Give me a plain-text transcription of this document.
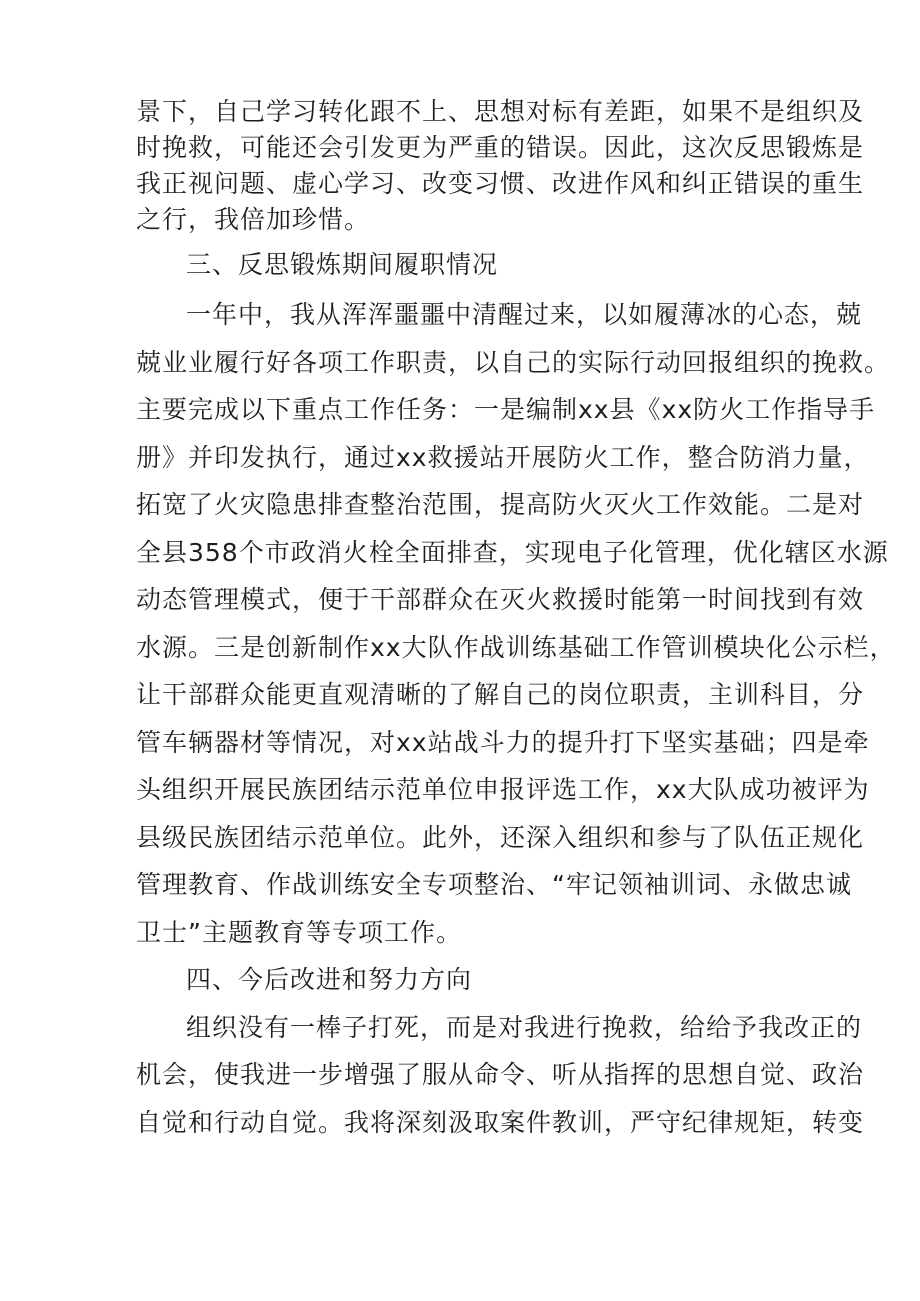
景下，自己学习转化跟不上、思想对标有差距，如果不是组织及
时挽救，可能还会引发更为严重的错误。因此，这次反思锻炼是
我正视问题、虚心学习、改变习惯、改进作风和纠正错误的重生
之行，我倍加珍惜。
三、反思锻炼期间履职情况
一年中，我从浑浑噩噩中清醒过来，以如履薄冰的心态，兢
兢业业履行好各项工作职责，以自己的实际行动回报组织的挽救。
主要完成以下重点工作任务：一是编制xx县《xx防火工作指导手
册》并印发执行，通过xx救援站开展防火工作，整合防消力量，
拓宽了火灾隐患排查整治范围，提高防火灭火工作效能。二是对
全县358个市政消火栓全面排查，实现电子化管理，优化辖区水源
动态管理模式，便于干部群众在灭火救援时能第一时间找到有效
水源。三是创新制作xx大队作战训练基础工作管训模块化公示栏，
让干部群众能更直观清晰的了解自己的岗位职责，主训科目，分
管车辆器材等情况，对xx站战斗力的提升打下坚实基础；四是牵
头组织开展民族团结示范单位申报评选工作，xx大队成功被评为
县级民族团结示范单位。此外，还深入组织和参与了队伍正规化
管理教育、作战训练安全专项整治、“牢记领袖训词、永做忠诚
卫士”主题教育等专项工作。
四、今后改进和努力方向
组织没有一棒子打死，而是对我进行挽救，给给予我改正的
机会，使我进一步增强了服从命令、听从指挥的思想自觉、政治
自觉和行动自觉。我将深刻汲取案件教训，严守纪律规矩，转变
